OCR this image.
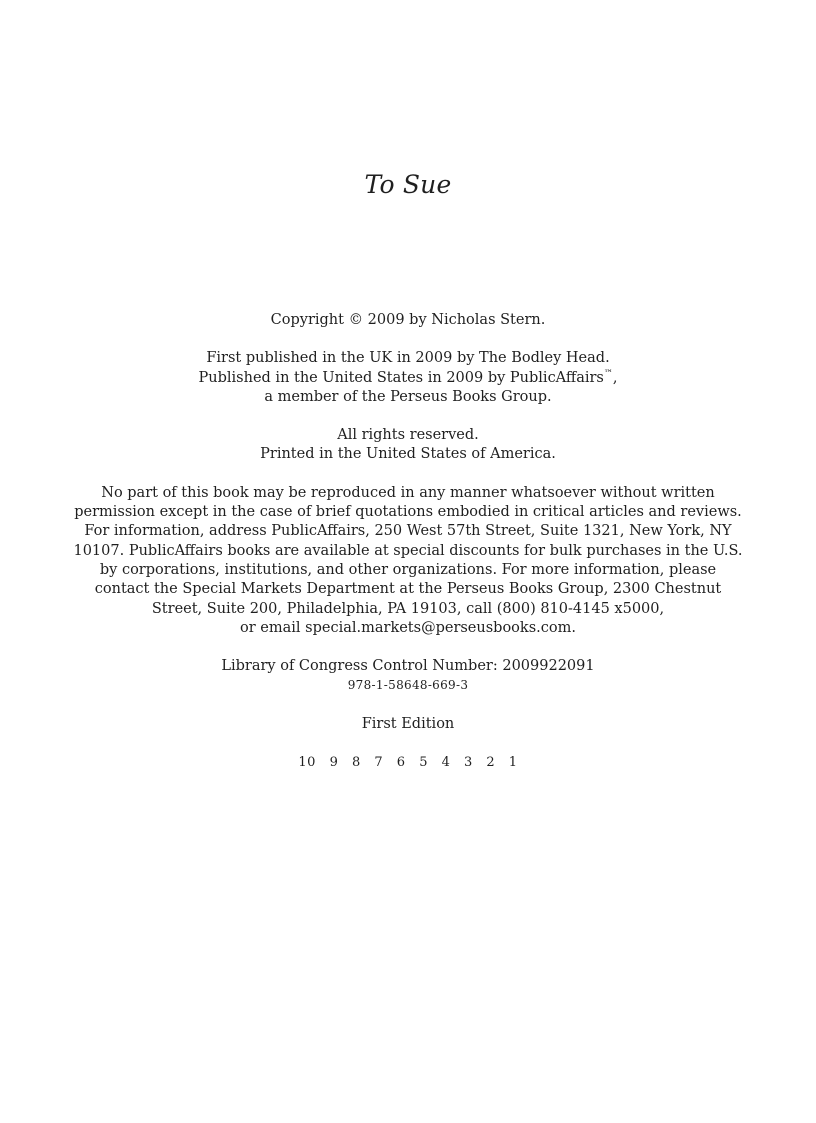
To Sue

Copyright © 2009 by Nicholas Stern.

First published in the UK in 2009 by The Bodley Head.
Published in the United States in 2009 by PublicAffairs™,
a member of the Perseus Books Group.

All rights reserved.
Printed in the United States of America.

No part of this book may be reproduced in any manner whatsoever without written
permission except in the case of brief quotations embodied in critical articles and reviews.
For information, address PublicAffairs, 250 West 57th Street, Suite 1321, New York, NY
10107. PublicAffairs books are available at special discounts for bulk purchases in the U.S.
by corporations, institutions, and other organizations. For more information, please
contact the Special Markets Department at the Perseus Books Group, 2300 Chestnut
Street, Suite 200, Philadelphia, PA 19103, call (800) 810-4145 x5000,
or email special.markets@perseusbooks.com.

Library of Congress Control Number: 2009922091
978-1-58648-669-3

First Edition

10 9 8 7 6 5 4 3 2 1
